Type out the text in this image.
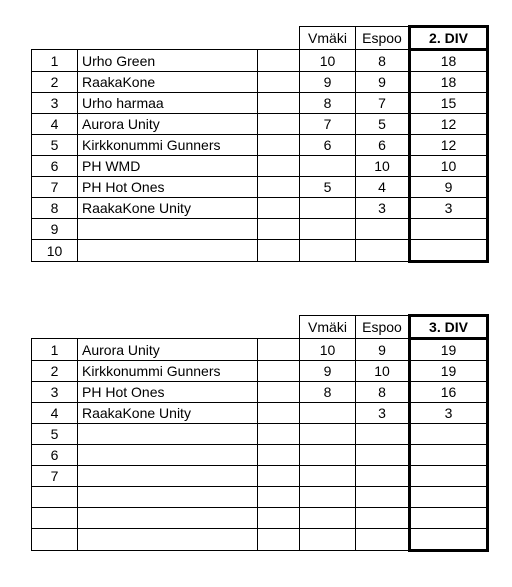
			Vmäki	Espoo	2. DIV
1	Urho Green		10	8	18
2	RaakaKone		9	9	18
3	Urho harmaa		8	7	15
4	Aurora Unity		7	5	12
5	Kirkkonummi Gunners		6	6	12
6	PH WMD			10	10
7	PH Hot Ones		5	4	9
8	RaakaKone Unity			3	3
9					
10					
			Vmäki	Espoo	3. DIV
1	Aurora Unity		10	9	19
2	Kirkkonummi Gunners		9	10	19
3	PH Hot Ones		8	8	16
4	RaakaKone Unity			3	3
5					
6					
7					
